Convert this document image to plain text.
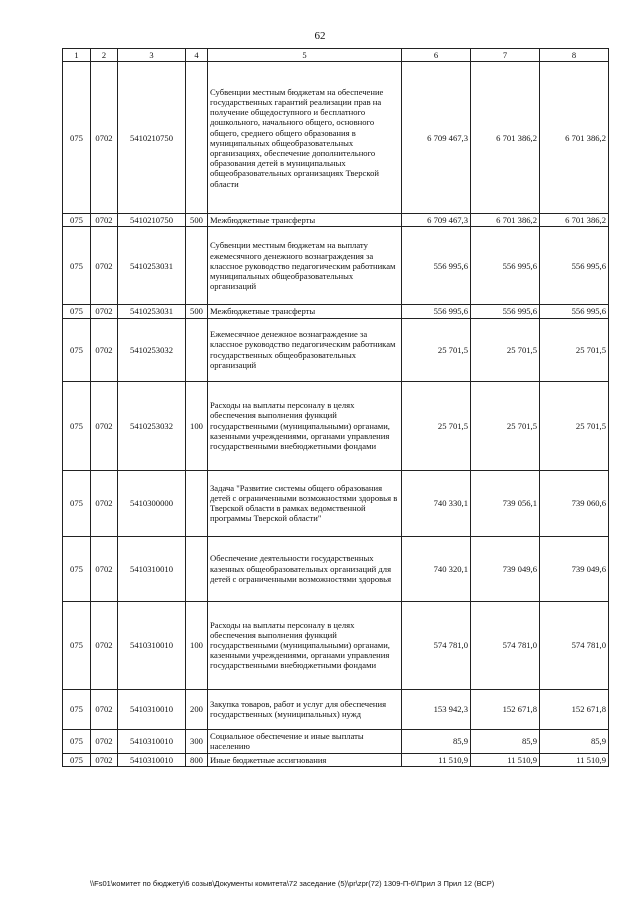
62
1	2	3	4	5	6	7	8
075	0702	5410210750		Субвенции местным бюджетам на обеспечение государственных гарантий реализации прав на получение общедоступного и бесплатного дошкольного, начального общего, основного общего, среднего общего образования в муниципальных общеобразовательных организациях, обеспечение дополнительного образования детей в муниципальных общеобразовательных организациях Тверской области	6 709 467,3	6 701 386,2	6 701 386,2
075	0702	5410210750	500	Межбюджетные трансферты	6 709 467,3	6 701 386,2	6 701 386,2
075	0702	5410253031		Субвенции местным бюджетам на выплату ежемесячного денежного вознаграждения за классное руководство педагогическим работникам муниципальных общеобразовательных организаций	556 995,6	556 995,6	556 995,6
075	0702	5410253031	500	Межбюджетные трансферты	556 995,6	556 995,6	556 995,6
075	0702	5410253032		Ежемесячное денежное вознаграждение за классное руководство педагогическим работникам государственных общеобразовательных организаций	25 701,5	25 701,5	25 701,5
075	0702	5410253032	100	Расходы на выплаты персоналу в целях обеспечения выполнения функций государственными (муниципальными) органами, казенными учреждениями, органами управления государственными внебюджетными фондами	25 701,5	25 701,5	25 701,5
075	0702	5410300000		Задача "Развитие системы общего образования детей с ограниченными возможностями здоровья в Тверской области в рамках ведомственной программы Тверской области"	740 330,1	739 056,1	739 060,6
075	0702	5410310010		Обеспечение деятельности государственных казенных общеобразовательных организаций для детей с ограниченными возможностями здоровья	740 320,1	739 049,6	739 049,6
075	0702	5410310010	100	Расходы на выплаты персоналу в целях обеспечения выполнения функций государственными (муниципальными) органами, казенными учреждениями, органами управления государственными внебюджетными фондами	574 781,0	574 781,0	574 781,0
075	0702	5410310010	200	Закупка товаров, работ и услуг для обеспечения государственных (муниципальных) нужд	153 942,3	152 671,8	152 671,8
075	0702	5410310010	300	Социальное обеспечение и иные выплаты населению	85,9	85,9	85,9
075	0702	5410310010	800	Иные бюджетные ассигнования	11 510,9	11 510,9	11 510,9
\\Fs01\комитет по бюджету\6 созыв\Документы комитета\72 заседание (5)\pr\zpr(72) 1309-П-6\Прил 3 Прил 12 (ВСР)
